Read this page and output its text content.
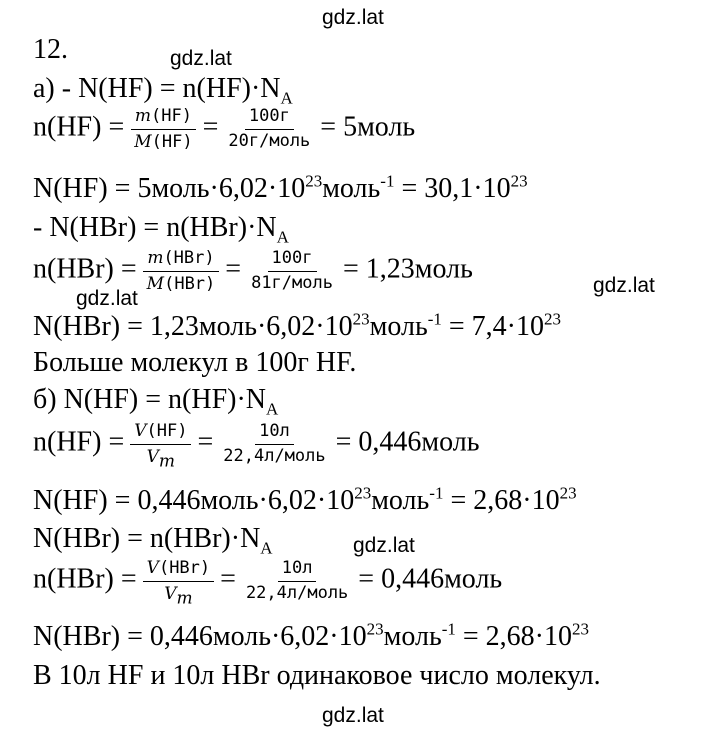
gdz.lat
gdz.lat
gdz.lat
gdz.lat
gdz.lat
gdz.lat
12.
$а) - N(HF) = n(HF)\cdot N_A$
$n(HF) = \frac{m(HF)}{M(HF)} = \frac{100г}{\text{20г/моль}}$ = 5моль
$N(HF) = 5моль\cdot 6,02\cdot 10^{23}моль^{-1} = 30,1\cdot 10^{23}$
- $N(HBr) = n(HBr)\cdot N_A$
$n(HBr) = \frac{\text{m(HBr)}}{\text{M(HBr)}} = \frac{100г}{\text{81г/моль}}$ = 1,23моль
$N(HBr) = 1,23моль\cdot 6,02\cdot 10^{23}моль^{-1} = 7,4\cdot 10^{23}$
Больше молекул в 100г HF.
б) $N(HF) = n(HF)\cdot N_A$
$n(HF) = \frac{V(HF)}{V_m} = \frac{10л}{\text{22,4л/моль}}$ = 0,446моль
$N(HF) = 0,446моль\cdot 6,02\cdot 10^{23}моль^{-1} = 2,68\cdot 10^{23}$
$N(HBr) = n(HBr)\cdot N_A$
$n(HBr) = \frac{\text{V(HBr)}}{V_m} = \frac{10л}{\text{22,4л/моль}}$ = 0,446моль
$N(HBr) = 0,446моль\cdot 6,02\cdot 10^{23}моль^{-1} = 2,68\cdot 10^{23}$
В 10л HF и 10л HBr одинаковое число молекул.
